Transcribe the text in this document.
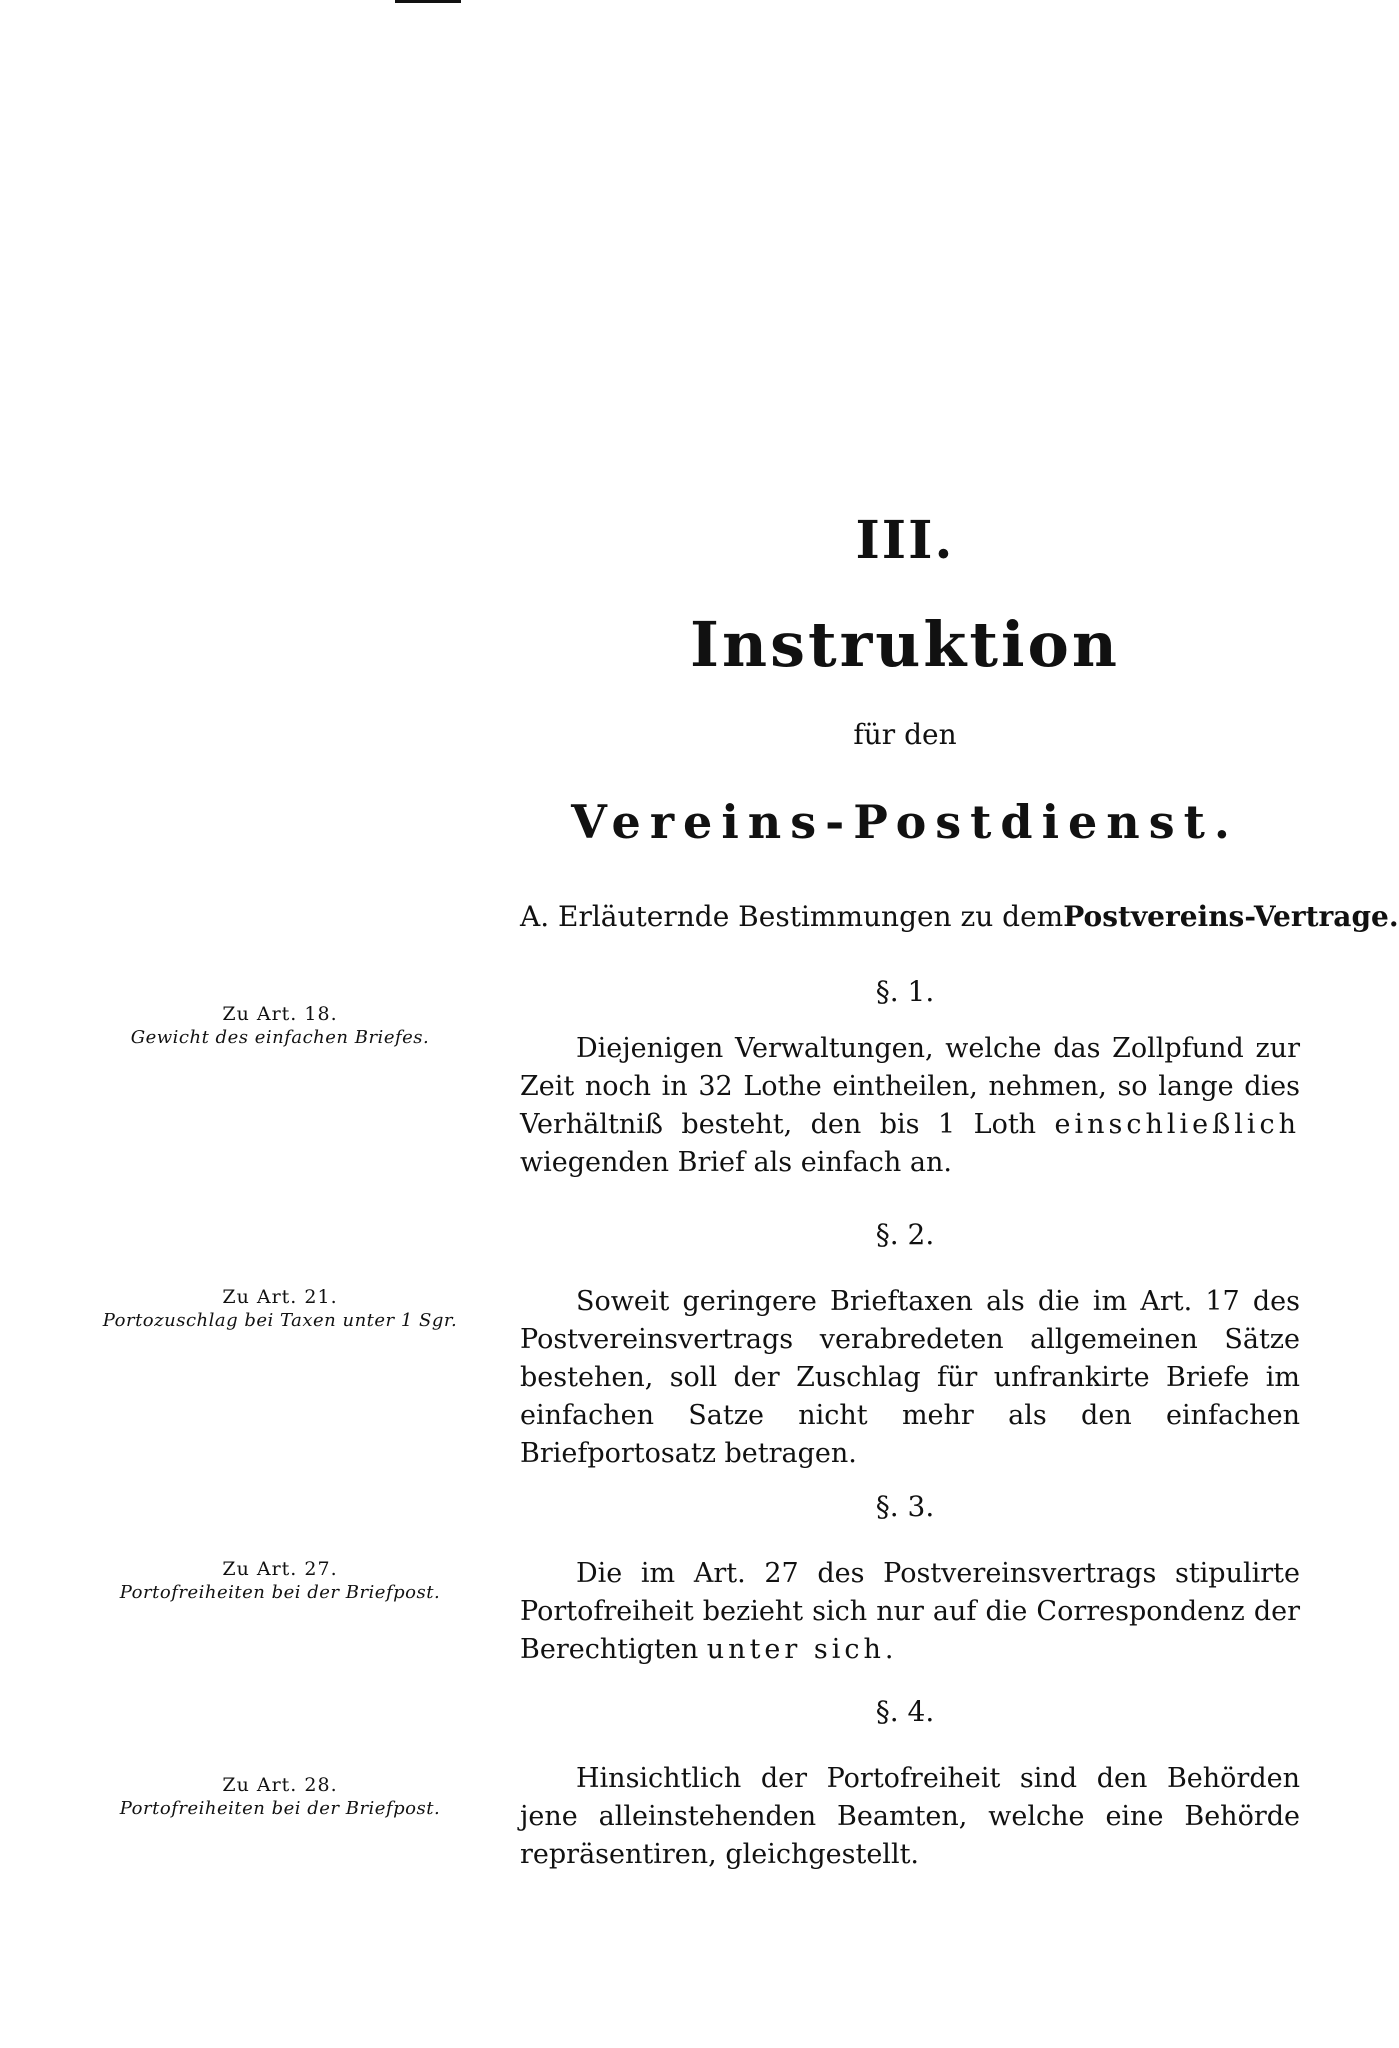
III.
Instruktion
für den
Vereins-Postdienst.
A. Erläuternde Bestimmungen zu demPostvereins-Vertrage.
§. 1.
Zu Art. 18.
Gewicht des einfachen Briefes.	Diejenigen Verwaltungen, welche das Zollpfund zur Zeit noch in 32 Lothe eintheilen, nehmen, so lange dies Verhältniß besteht, den bis 1 Loth einschließlich wiegenden Brief als einfach an.
§. 2.
Zu Art. 21.
Portozuschlag bei Taxen unter 1 Sgr.
Soweit geringere Brieftaxen als die im Art. 17 des Postvereinsvertrags verabredeten allgemeinen Sätze bestehen, soll der Zuschlag für unfrankirte Briefe im einfachen Satze nicht mehr als den einfachen Briefportosatz betragen.
§. 3.
Zu Art. 27.
Portofreiheiten bei der Briefpost.
Die im Art. 27 des Postvereinsvertrags stipulirte Portofreiheit bezieht sich nur auf die Correspondenz der Berechtigten unter sich.
§. 4.
Zu Art. 28.
Portofreiheiten bei der Briefpost.
Hinsichtlich der Portofreiheit sind den Behörden jene alleinstehenden Beamten, welche eine Behörde repräsentiren, gleichgestellt.
